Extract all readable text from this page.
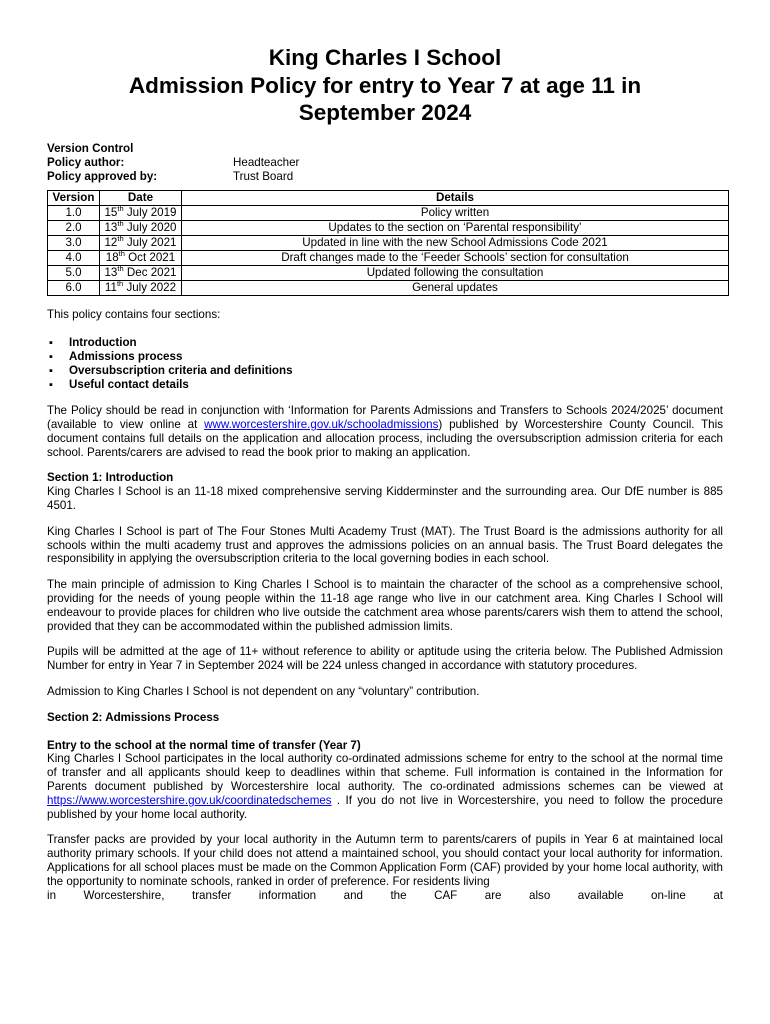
King Charles I School
Admission Policy for entry to Year 7 at age 11 in
September 2024
Version Control
Policy author:	Headteacher
Policy approved by:	Trust Board
Version	Date	Details
1.0	15th July 2019	Policy written
2.0	13th July 2020	Updates to the section on ‘Parental responsibility’
3.0	12th July 2021	Updated in line with the new School Admissions Code 2021
4.0	18th Oct 2021	Draft changes made to the ‘Feeder Schools’ section for consultation
5.0	13th Dec 2021	Updated following the consultation
6.0	11th July 2022	General updates

This policy contains four sections:

▪ Introduction
▪ Admissions process
▪ Oversubscription criteria and definitions
▪ Useful contact details

The Policy should be read in conjunction with ‘Information for Parents Admissions and Transfers to Schools 2024/2025’ document (available to view online at www.worcestershire.gov.uk/schooladmissions) published by Worcestershire County Council. This document contains full details on the application and allocation process, including the oversubscription admission criteria for each school. Parents/carers are advised to read the book prior to making an application.

Section 1: Introduction

King Charles I School is an 11-18 mixed comprehensive serving Kidderminster and the surrounding area. Our DfE number is 885 4501.

King Charles I School is part of The Four Stones Multi Academy Trust (MAT). The Trust Board is the admissions authority for all schools within the multi academy trust and approves the admissions policies on an annual basis. The Trust Board delegates the responsibility in applying the oversubscription criteria to the local governing bodies in each school.

The main principle of admission to King Charles I School is to maintain the character of the school as a comprehensive school, providing for the needs of young people within the 11-18 age range who live in our catchment area. King Charles I School will endeavour to provide places for children who live outside the catchment area whose parents/carers wish them to attend the school, provided that they can be accommodated within the published admission limits.

Pupils will be admitted at the age of 11+ without reference to ability or aptitude using the criteria below. The Published Admission Number for entry in Year 7 in September 2024 will be 224 unless changed in accordance with statutory procedures.

Admission to King Charles I School is not dependent on any “voluntary” contribution.

Section 2: Admissions Process
Entry to the school at the normal time of transfer (Year 7)

King Charles I School participates in the local authority co-ordinated admissions scheme for entry to the school at the normal time of transfer and all applicants should keep to deadlines within that scheme. Full information is contained in the Information for Parents document published by Worcestershire local authority. The co-ordinated admissions schemes can be viewed at https://www.worcestershire.gov.uk/coordinatedschemes . If you do not live in Worcestershire, you need to follow the procedure published by your home local authority.

Transfer packs are provided by your local authority in the Autumn term to parents/carers of pupils in Year 6 at maintained local authority primary schools. If your child does not attend a maintained school, you should contact your local authority for information. Applications for all school places must be made on the Common Application Form (CAF) provided by your home local authority, with the opportunity to nominate schools, ranked in order of preference. For residents living

in Worcestershire, transfer information and the CAF are also available on-line at
